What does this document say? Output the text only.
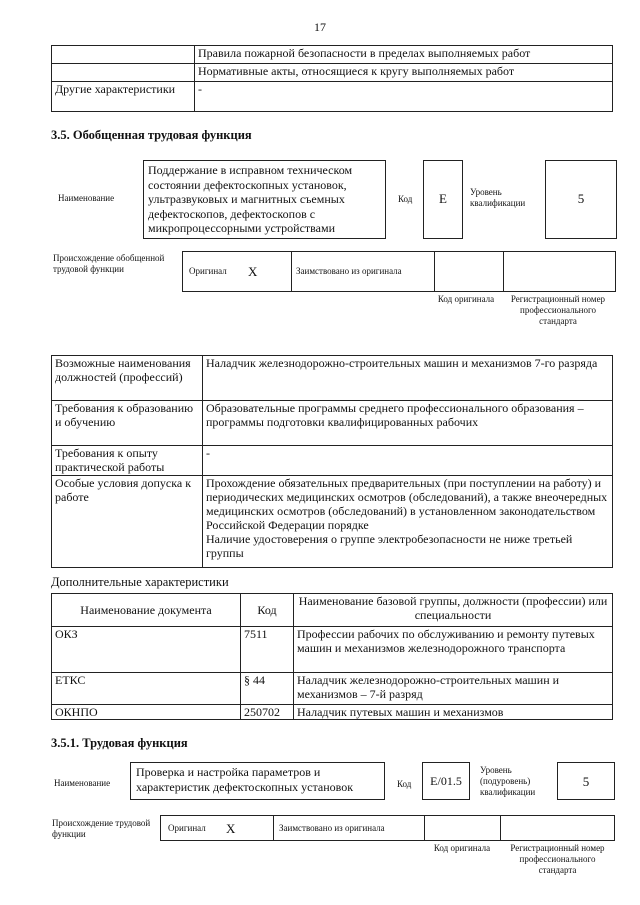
17
	Правила пожарной безопасности в пределах выполняемых работ
	Нормативные акты, относящиеся к кругу выполняемых работ
Другие характеристики	-
3.5. Обобщенная трудовая функция
Наименование
Поддержание в исправном техническом состоянии дефектоскопных установок, ультразвуковых и магнитных съемных дефектоскопов, дефектоскопов с микропроцессорными устройствами
Код	E	Уровень квалификации	5
Происхождение обобщенной трудовой функции	Оригинал X	Заимствовано из оригинала
Код оригинала	Регистрационный номер профессионального стандарта
Возможные наименования должностей (профессий)	Наладчик железнодорожно-строительных машин и механизмов 7-го разряда
Требования к образованию и обучению	Образовательные программы среднего профессионального образования – программы подготовки квалифицированных рабочих
Требования к опыту практической работы	-
Особые условия допуска к работе	Прохождение обязательных предварительных (при поступлении на работу) и периодических медицинских осмотров (обследований), а также внеочередных медицинских осмотров (обследований) в установленном законодательством Российской Федерации порядке
Наличие удостоверения о группе электробезопасности не ниже третьей группы
Дополнительные характеристики
Наименование документа	Код	Наименование базовой группы, должности (профессии) или специальности
ОКЗ	7511	Профессии рабочих по обслуживанию и ремонту путевых машин и механизмов железнодорожного транспорта
ЕТКС	§ 44	Наладчик железнодорожно-строительных машин и механизмов – 7-й разряд
ОКНПО	250702	Наладчик путевых машин и механизмов
3.5.1. Трудовая функция
Наименование
Проверка и настройка параметров и характеристик дефектоскопных установок	Код	E/01.5
Уровень (подуровень) квалификации
5
Происхождение трудовой функции
Оригинал X	Заимствовано из оригинала
Код оригинала	Регистрационный номер профессионального стандарта
